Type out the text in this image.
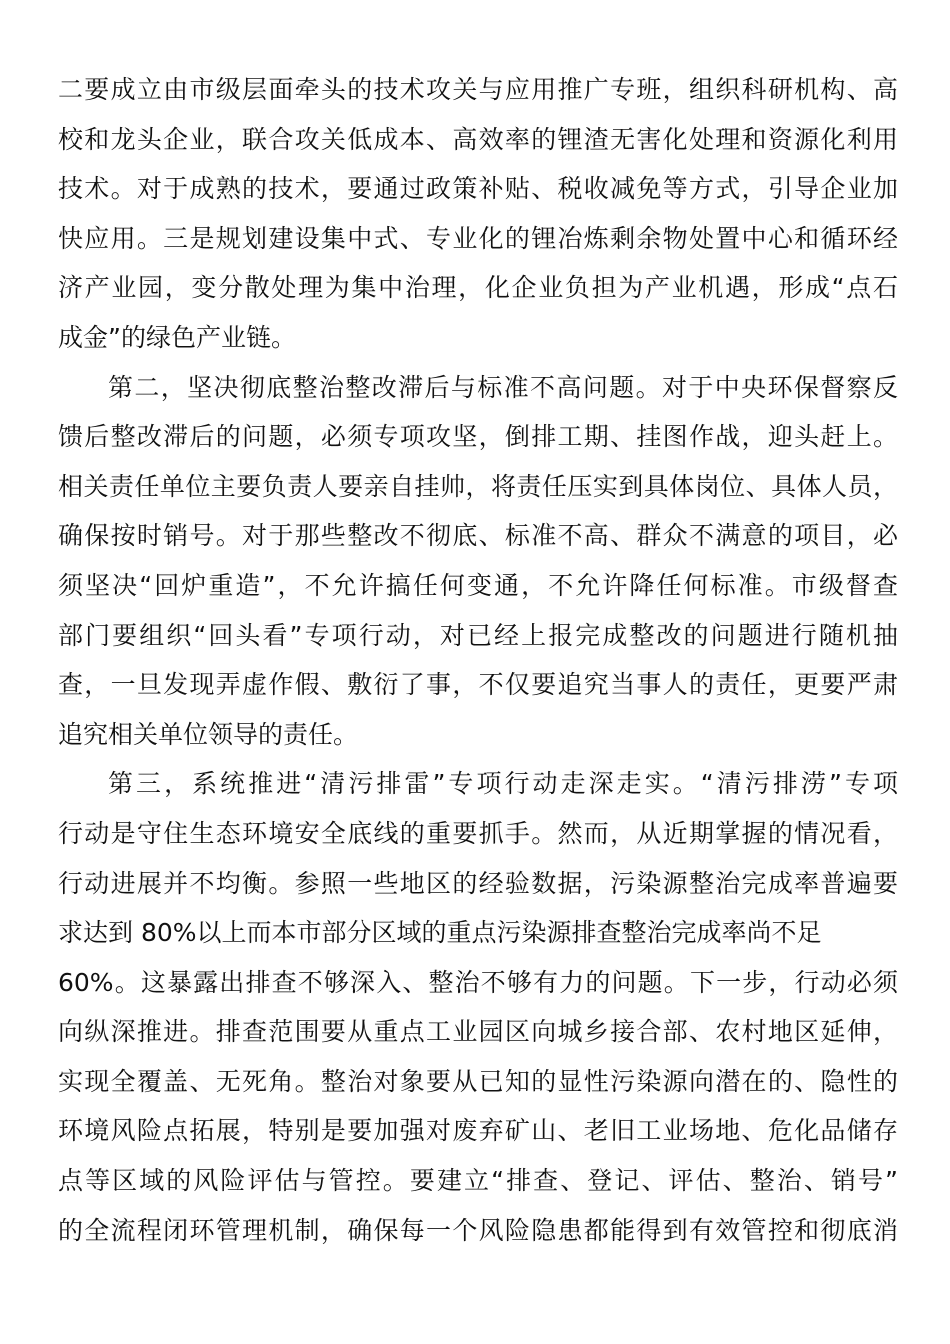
二要成立由市级层面牵头的技术攻关与应用推广专班，组织科研机构、高
校和龙头企业，联合攻关低成本、高效率的锂渣无害化处理和资源化利用
技术。对于成熟的技术，要通过政策补贴、税收减免等方式，引导企业加
快应用。三是规划建设集中式、专业化的锂冶炼剩余物处置中心和循环经
济产业园，变分散处理为集中治理，化企业负担为产业机遇，形成“点石
成金”的绿色产业链。
第二，坚决彻底整治整改滞后与标准不高问题。对于中央环保督察反
馈后整改滞后的问题，必须专项攻坚，倒排工期、挂图作战，迎头赶上。
相关责任单位主要负责人要亲自挂帅，将责任压实到具体岗位、具体人员，
确保按时销号。对于那些整改不彻底、标准不高、群众不满意的项目，必
须坚决“回炉重造”，不允许搞任何变通，不允许降任何标准。市级督查
部门要组织“回头看”专项行动，对已经上报完成整改的问题进行随机抽
查，一旦发现弄虚作假、敷衍了事，不仅要追究当事人的责任，更要严肃
追究相关单位领导的责任。
第三，系统推进“清污排雷”专项行动走深走实。“清污排涝”专项
行动是守住生态环境安全底线的重要抓手。然而，从近期掌握的情况看，
行动进展并不均衡。参照一些地区的经验数据，污染源整治完成率普遍要
求达到 80%以上而本市部分区域的重点污染源排查整治完成率尚不足
60%。这暴露出排查不够深入、整治不够有力的问题。下一步，行动必须
向纵深推进。排查范围要从重点工业园区向城乡接合部、农村地区延伸，
实现全覆盖、无死角。整治对象要从已知的显性污染源向潜在的、隐性的
环境风险点拓展，特别是要加强对废弃矿山、老旧工业场地、危化品储存
点等区域的风险评估与管控。要建立“排查、登记、评估、整治、销号”
的全流程闭环管理机制，确保每一个风险隐患都能得到有效管控和彻底消
